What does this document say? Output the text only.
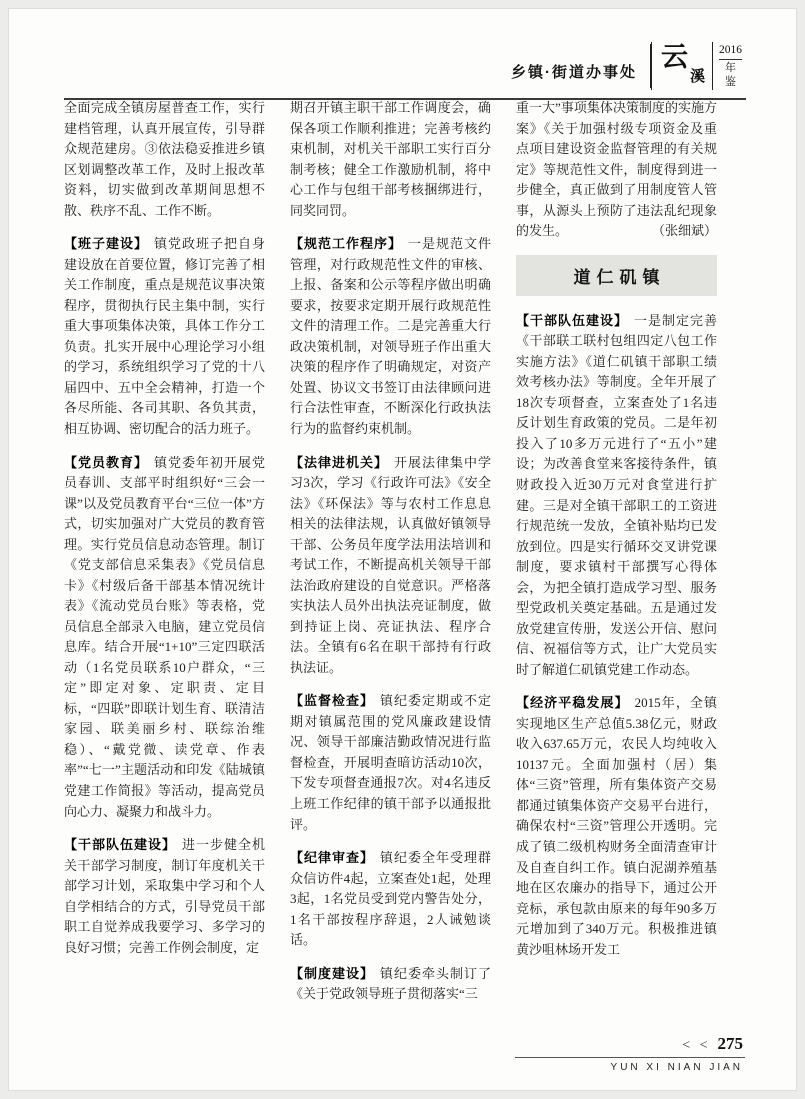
乡镇·街道办事处
云
溪
2016
年
鉴

全面完成全镇房屋普查工作，实行建档管理，认真开展宣传，引导群众规范建房。③依法稳妥推进乡镇区划调整改革工作，及时上报改革资料，切实做到改革期间思想不散、秩序不乱、工作不断。

【班子建设】 镇党政班子把自身建设放在首要位置，修订完善了相关工作制度，重点是规范议事决策程序，贯彻执行民主集中制，实行重大事项集体决策，具体工作分工负责。扎实开展中心理论学习小组的学习，系统组织学习了党的十八届四中、五中全会精神，打造一个各尽所能、各司其职、各负其责，相互协调、密切配合的活力班子。

【党员教育】 镇党委年初开展党员春训、支部平时组织好“三会一课”以及党员教育平台“三位一体”方式，切实加强对广大党员的教育管理。实行党员信息动态管理。制订《党支部信息采集表》《党员信息卡》《村级后备干部基本情况统计表》《流动党员台账》等表格，党员信息全部录入电脑，建立党员信息库。结合开展“1+10”三定四联活动（1名党员联系10户群众，“三定”即定对象、定职责、定目标，“四联”即联计划生育、联清洁家园、联美丽乡村、联综治维稳）、“戴党微、读党章、作表率”“七一”主题活动和印发《陆城镇党建工作简报》等活动，提高党员向心力、凝聚力和战斗力。

【干部队伍建设】 进一步健全机关干部学习制度，制订年度机关干部学习计划，采取集中学习和个人自学相结合的方式，引导党员干部职工自觉养成我要学习、多学习的良好习惯；完善工作例会制度，定

期召开镇主职干部工作调度会，确保各项工作顺利推进；完善考核约束机制，对机关干部职工实行百分制考核；健全工作激励机制，将中心工作与包组干部考核捆绑进行，同奖同罚。

【规范工作程序】 一是规范文件管理，对行政规范性文件的审核、上报、备案和公示等程序做出明确要求，按要求定期开展行政规范性文件的清理工作。二是完善重大行政决策机制，对领导班子作出重大决策的程序作了明确规定，对资产处置、协议文书签订由法律顾问进行合法性审查，不断深化行政执法行为的监督约束机制。

【法律进机关】 开展法律集中学习3次，学习《行政许可法》《安全法》《环保法》等与农村工作息息相关的法律法规，认真做好镇领导干部、公务员年度学法用法培训和考试工作，不断提高机关领导干部法治政府建设的自觉意识。严格落实执法人员外出执法亮证制度，做到持证上岗、亮证执法、程序合法。全镇有6名在职干部持有行政执法证。

【监督检查】 镇纪委定期或不定期对镇属范围的党风廉政建设情况、领导干部廉洁勤政情况进行监督检查，开展明查暗访活动10次，下发专项督查通报7次。对4名违反上班工作纪律的镇干部予以通报批评。

【纪律审查】 镇纪委全年受理群众信访件4起，立案查处1起，处理3起，1名党员受到党内警告处分，1名干部按程序辞退，2人诫勉谈话。

【制度建设】 镇纪委牵头制订了《关于党政领导班子贯彻落实“三

重一大”事项集体决策制度的实施方案》《关于加强村级专项资金及重点项目建设资金监督管理的有关规定》等规范性文件，制度得到进一步健全，真正做到了用制度管人管事，从源头上预防了违法乱纪现象的发生。	（张细斌）

道仁矶镇

【干部队伍建设】 一是制定完善《干部联工联村包组四定八包工作实施方法》《道仁矶镇干部职工绩效考核办法》等制度。全年开展了18次专项督查，立案查处了1名违反计划生育政策的党员。二是年初投入了10多万元进行了“五小”建设；为改善食堂来客接待条件，镇财政投入近30万元对食堂进行扩建。三是对全镇干部职工的工资进行规范统一发放，全镇补贴均已发放到位。四是实行循环交叉讲党课制度，要求镇村干部撰写心得体会，为把全镇打造成学习型、服务型党政机关奠定基础。五是通过发放党建宣传册，发送公开信、慰问信、祝福信等方式，让广大党员实时了解道仁矶镇党建工作动态。

【经济平稳发展】 2015年，全镇实现地区生产总值5.38亿元，财政收入637.65万元，农民人均纯收入10137元。全面加强村（居）集体“三资”管理，所有集体资产交易都通过镇集体资产交易平台进行，确保农村“三资”管理公开透明。完成了镇二级机构财务全面清查审计及自查自纠工作。镇白泥湖养殖基地在区农廉办的指导下，通过公开竞标，承包款由原来的每年90多万元增加到了340万元。积极推进镇黄沙咀林场开发工

< < 275
YUN XI NIAN JIAN
